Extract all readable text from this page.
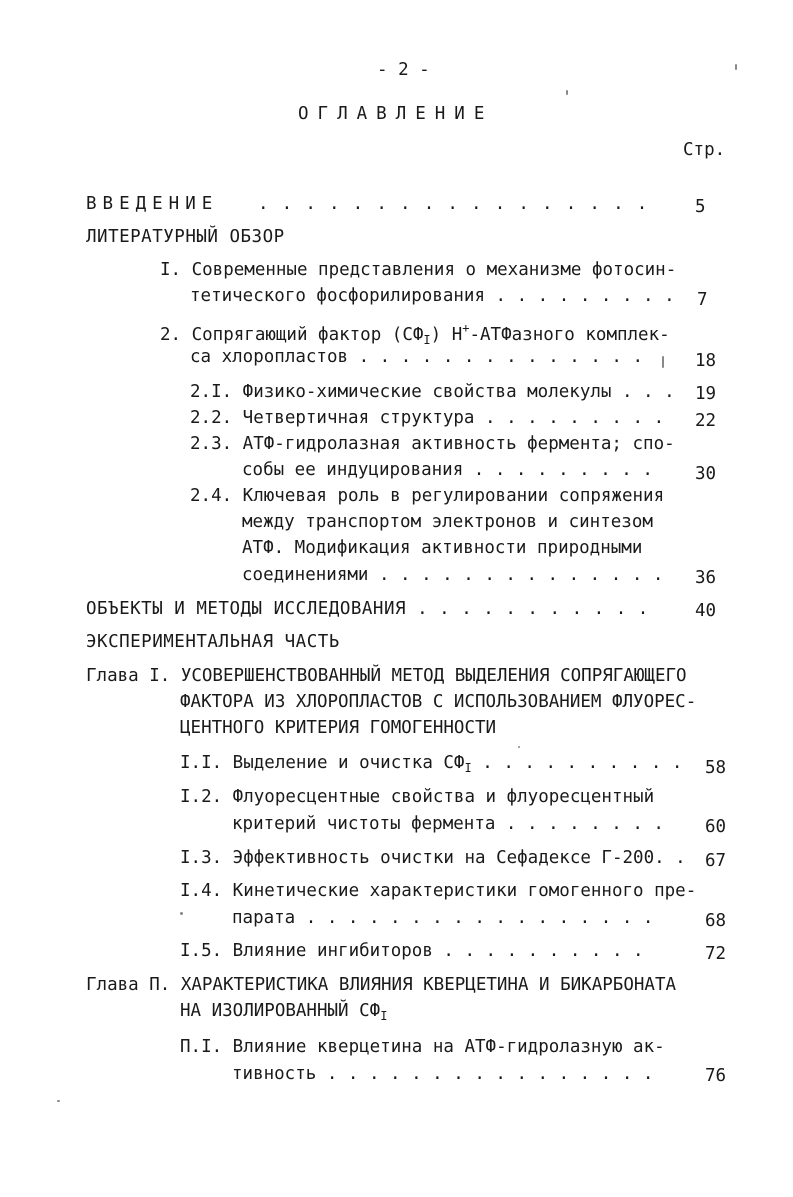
- 2 -
ОГЛАВЛЕНИЕ
Стр.
ВВЕДЕНИЕ . . . . . . . . . . . . . . . . .	5
ЛИТЕРАТУРНЫЙ ОБЗОР
I. Современные представления о механизме фотосин-
тетического фосфорилирования . . . . . . . . . 7
2. Сопрягающий фактор $(СФ_I)$ Н+-АТФазного комплек-
са хлоропластов . . . . . . . . . . . . . .	18
2.I. Физико-химические свойства молекулы . . . 19
2.2. Четвертичная структура . . . . . . . . . 22
2.3. АТФ-гидролазная активность фермента; спо-
собы ее индуцирования . . . . . . . . . 30
2.4. Ключевая роль в регулировании сопряжения
между транспортом электронов и синтезом
АТФ. Модификация активности природными
соединениями . . . . . . . . . . . . . . 36
ОБЪЕКТЫ И МЕТОДЫ ИССЛЕДОВАНИЯ . . . . . . . . . . .	40
ЭКСПЕРИМЕНТАЛЬНАЯ ЧАСТЬ
Глава I. УСОВЕРШЕНСТВОВАННЫЙ МЕТОД ВЫДЕЛЕНИЯ СОПРЯГАЮЩЕГО
ФАКТОРА ИЗ ХЛОРОПЛАСТОВ С ИСПОЛЬЗОВАНИЕМ ФЛУОРЕС-
ЦЕНТНОГО КРИТЕРИЯ ГОМОГЕННОСТИ
I.I. Выделение и очистка $СФ_I$ . . . . . . . . . . 58
I.2. Флуоресцентные свойства и флуоресцентный
критерий чистоты фермента . . . . . . . . 60
I.3. Эффективность очистки на Сефадексе Г-200. . 67
I.4. Кинетические характеристики гомогенного пре-
парата . . . . . . . . . . . . . . . . .	68
I.5. Влияние ингибиторов . . . . . . . . . .	72
Глава П. ХАРАКТЕРИСТИКА ВЛИЯНИЯ КВЕРЦЕТИНА И БИКАРБОНАТА
НА ИЗОЛИРОВАННЫЙ $СФ_I$
П.I. Влияние кверцетина на АТФ-гидролазную ак-
тивность . . . . . . . . . . . . . . . .	76
